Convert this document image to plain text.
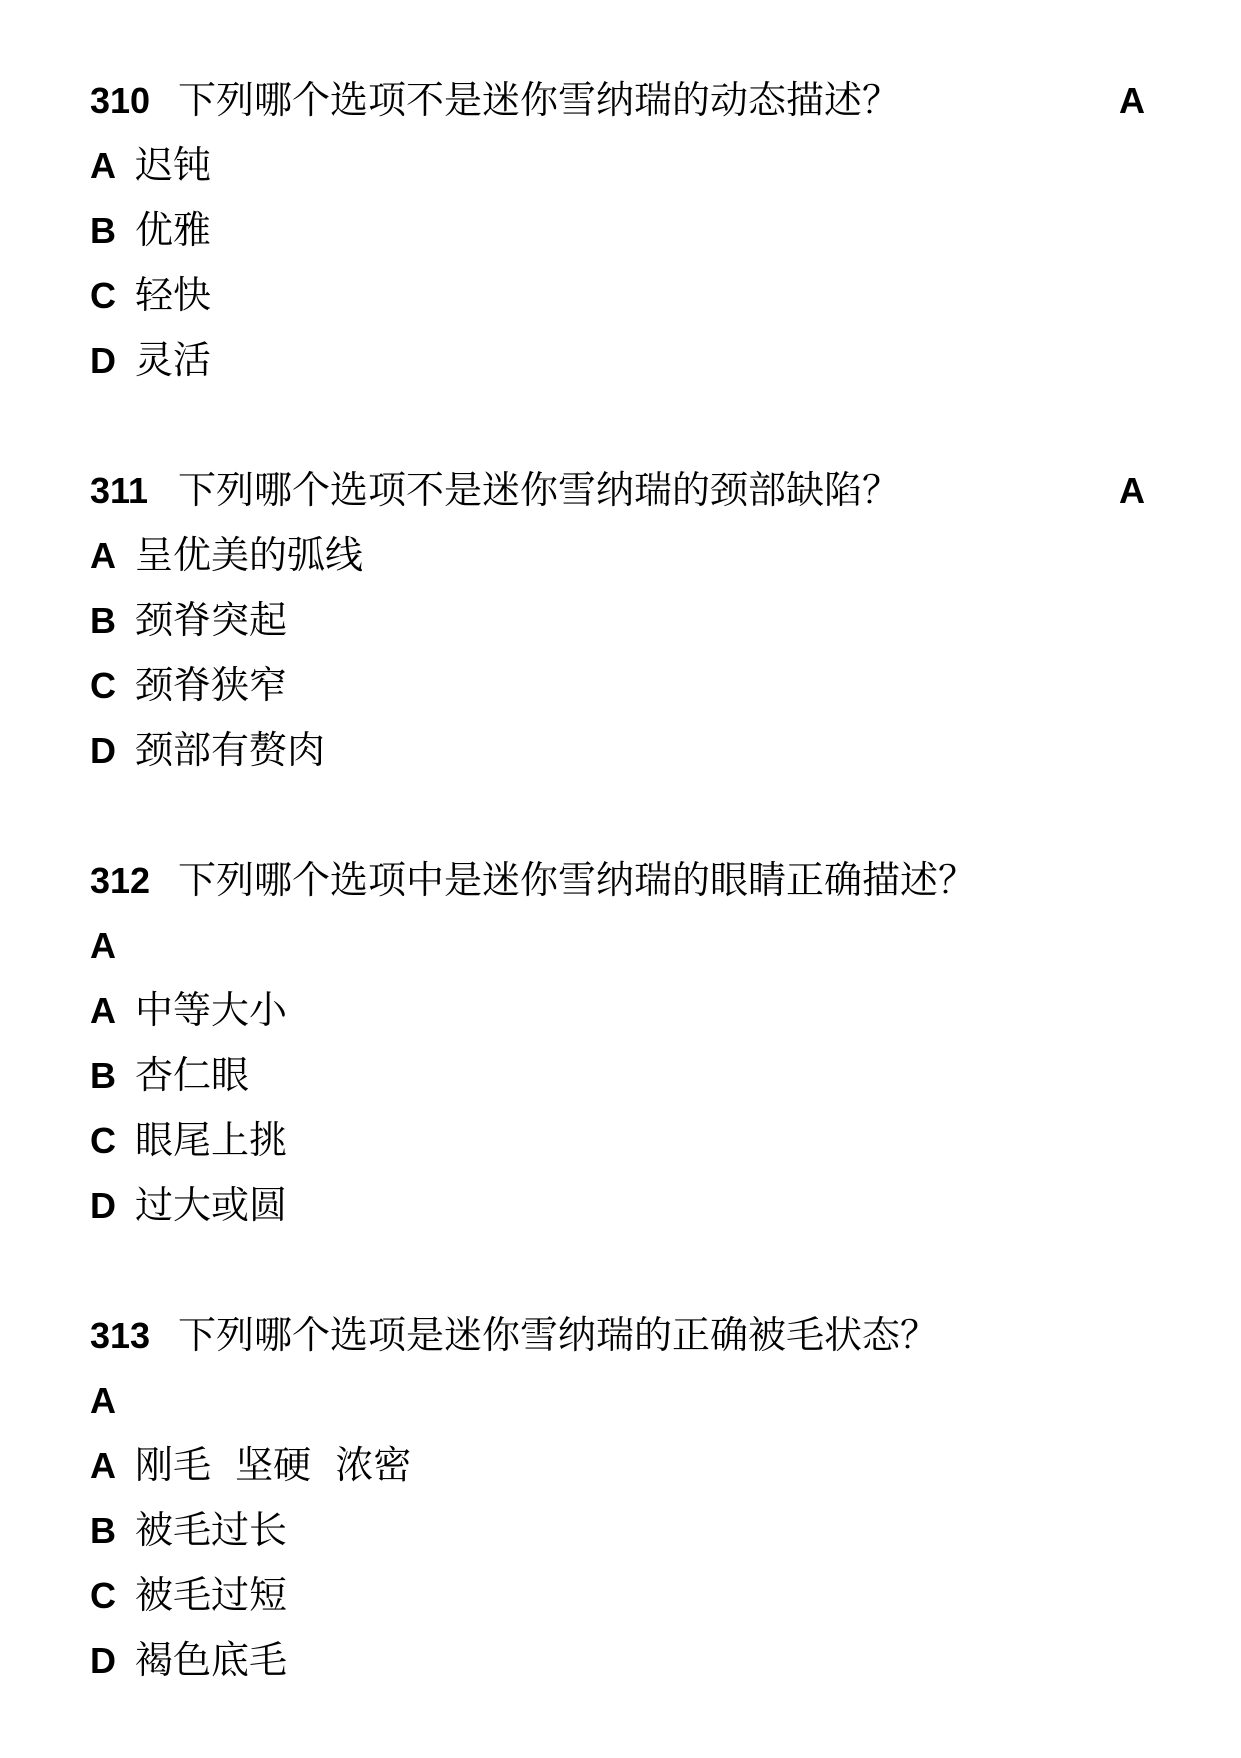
310 下列哪个选项不是迷你雪纳瑞的动态描述？	A
A 迟钝
B 优雅
C 轻快
D 灵活
311 下列哪个选项不是迷你雪纳瑞的颈部缺陷？	A
A 呈优美的弧线
B 颈脊突起
C 颈脊狭窄
D 颈部有赘肉
312 下列哪个选项中是迷你雪纳瑞的眼睛正确描述？
A
A 中等大小
B 杏仁眼
C 眼尾上挑
D 过大或圆
313 下列哪个选项是迷你雪纳瑞的正确被毛状态？
A
A 刚毛  坚硬  浓密
B 被毛过长
C 被毛过短
D 褐色底毛
